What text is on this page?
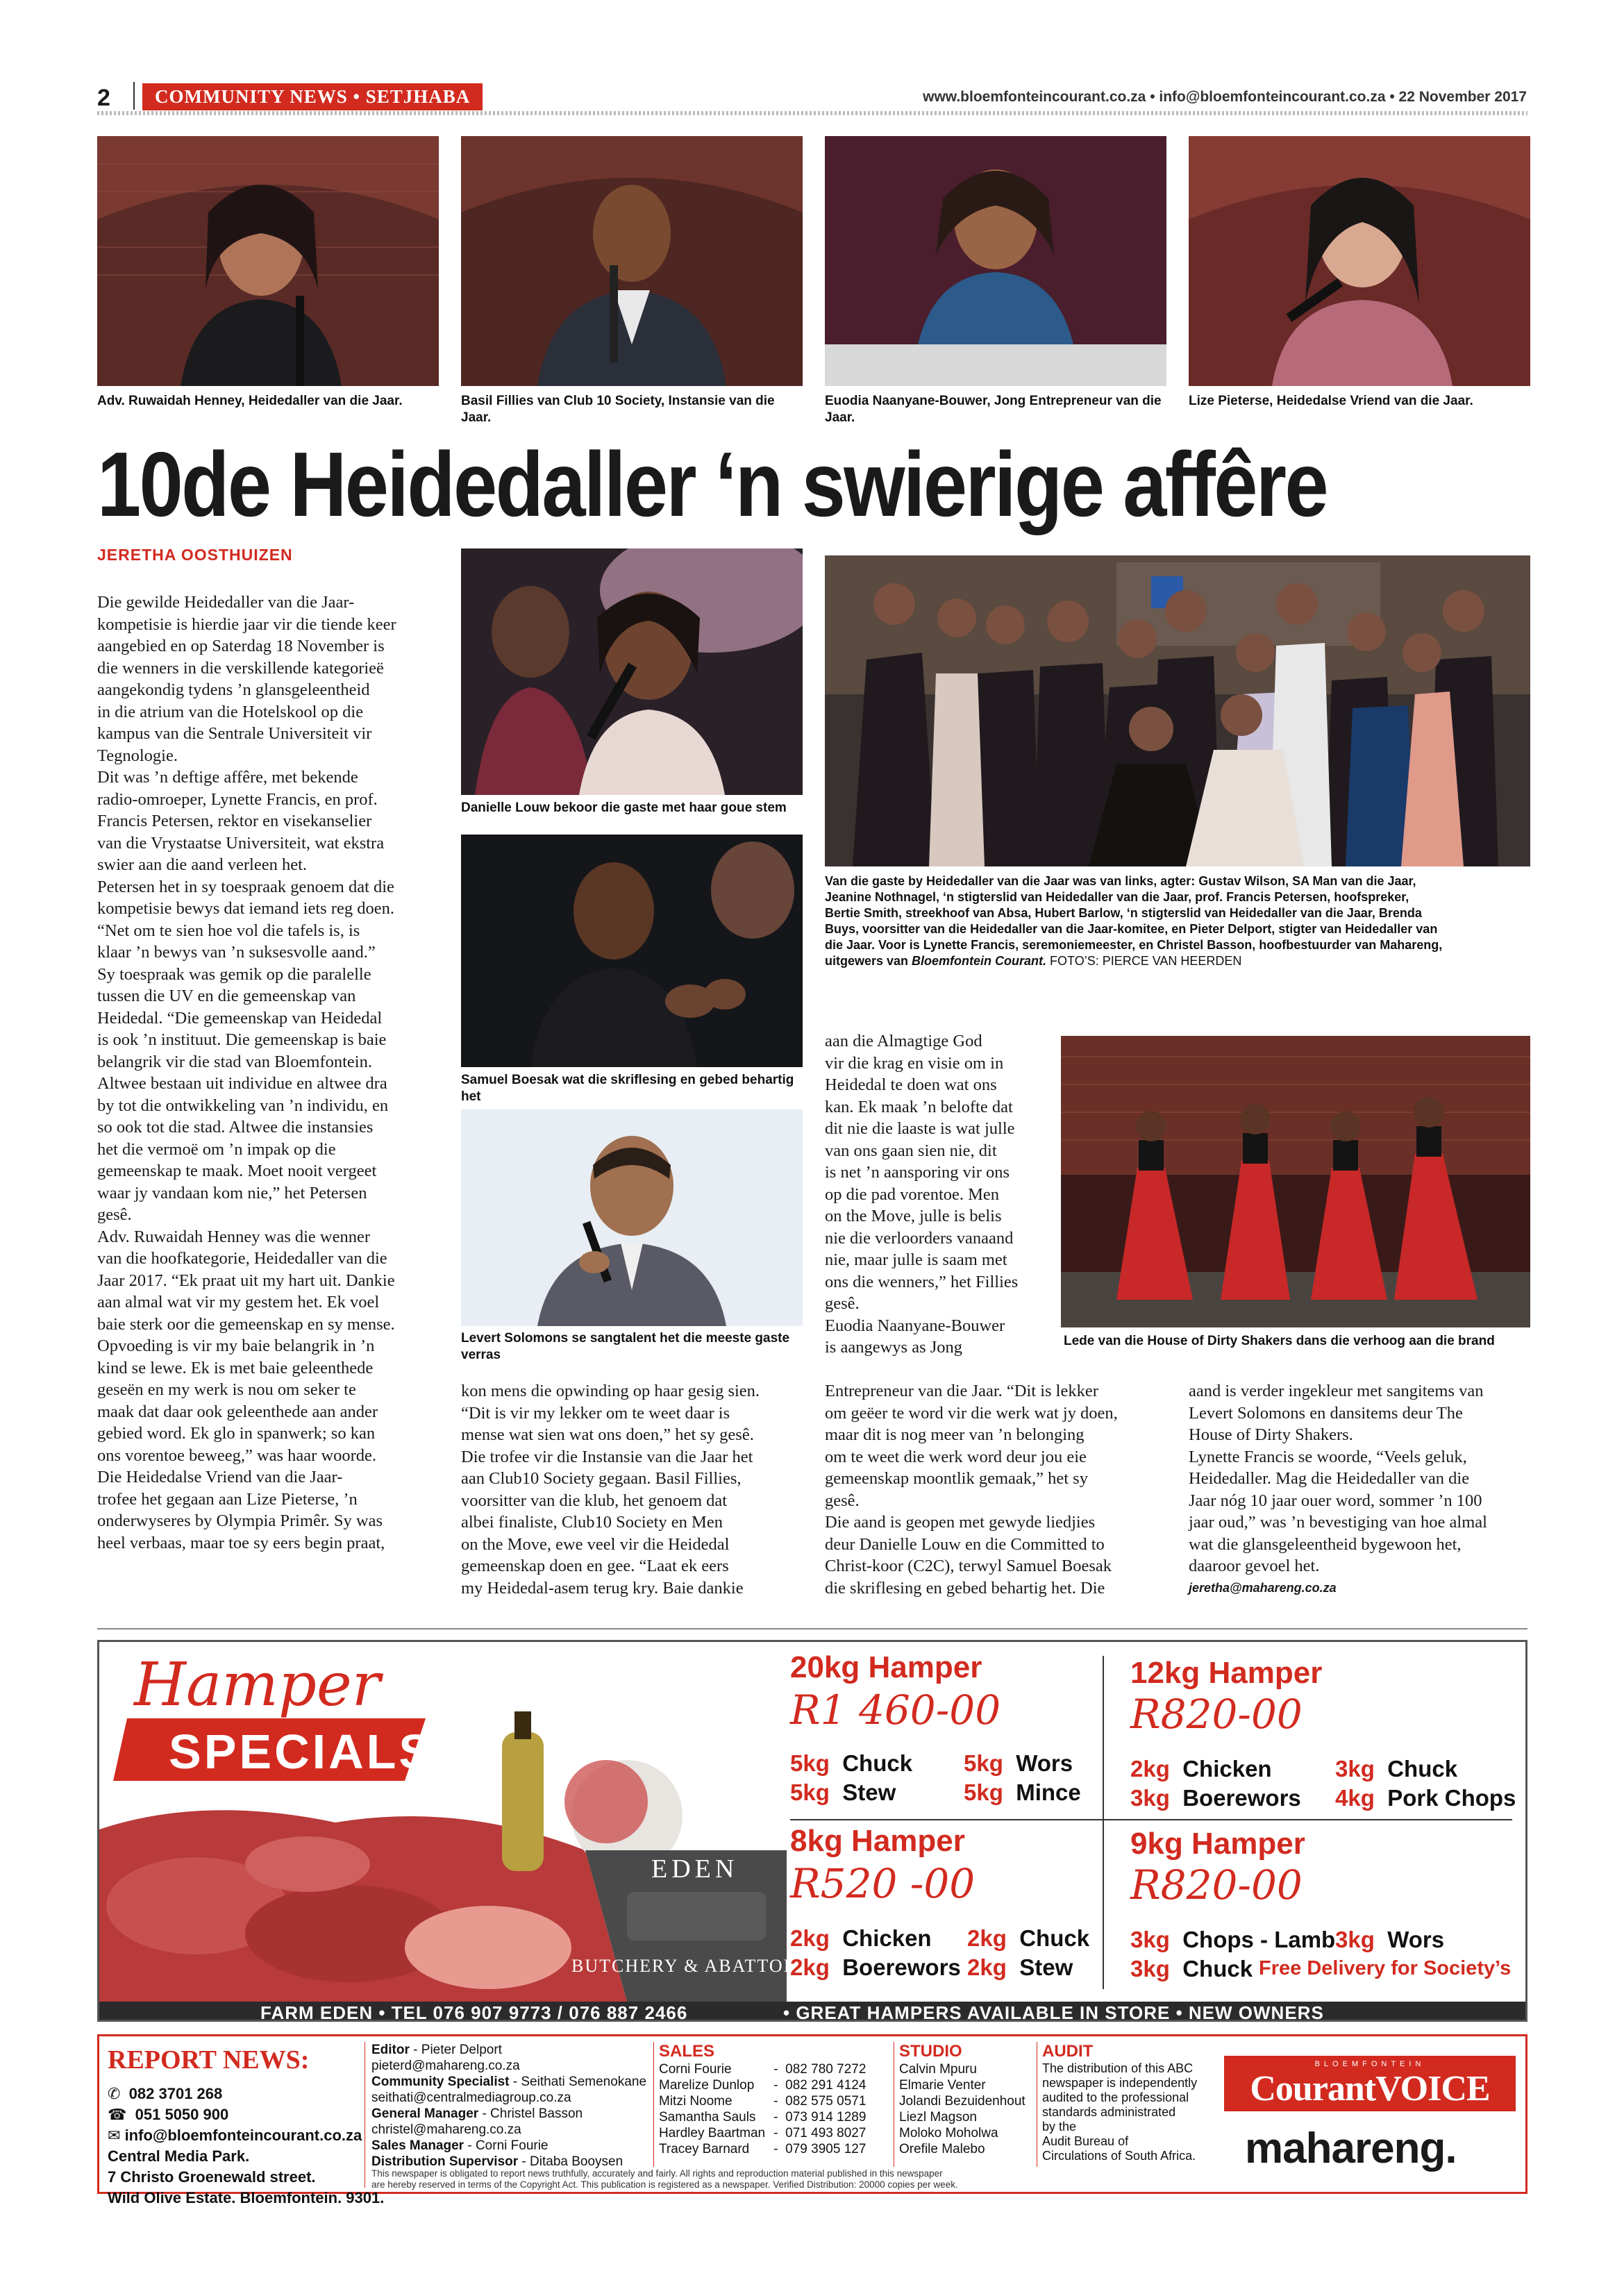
2	COMMUNITY NEWS • SETJHABA	www.bloemfonteincourant.co.za • info@bloemfonteincourant.co.za • 22 November 2017
Adv. Ruwaidah Henney, Heidedaller van die Jaar.	Basil Fillies van Club 10 Society, Instansie van die Jaar.
Euodia Naanyane-Bouwer, Jong Entrepreneur van die Jaar.
Lize Pieterse, Heidedalse Vriend van die Jaar.
10de Heidedaller ‘n swierige affêre
JERETHA OOSTHUIZEN

Die gewilde Heidedaller van die Jaar-

kompetisie is hierdie jaar vir die tiende keer

aangebied en op Saterdag 18 November is

die wenners in die verskillende kategorieë

aangekondig tydens ’n glansgeleentheid

in die atrium van die Hotelskool op die

kampus van die Sentrale Universiteit vir

Tegnologie.

Dit was ’n deftige affêre, met bekende

radio-omroeper, Lynette Francis, en prof.

Francis Petersen, rektor en visekanselier

van die Vrystaatse Universiteit, wat ekstra

swier aan die aand verleen het.

Petersen het in sy toespraak genoem dat die

kompetisie bewys dat iemand iets reg doen.

“Net om te sien hoe vol die tafels is, is

klaar ’n bewys van ’n suksesvolle aand.”

Sy toespraak was gemik op die paralelle

tussen die UV en die gemeenskap van

Heidedal. “Die gemeenskap van Heidedal

is ook ’n instituut. Die gemeenskap is baie

belangrik vir die stad van Bloemfontein.

Altwee bestaan uit individue en altwee dra

by tot die ontwikkeling van ’n individu, en

so ook tot die stad. Altwee die instansies

het die vermoë om ’n impak op die

gemeenskap te maak. Moet nooit vergeet

waar jy vandaan kom nie,” het Petersen

gesê.

Adv. Ruwaidah Henney was die wenner

van die hoofkategorie, Heidedaller van die

Jaar 2017. “Ek praat uit my hart uit. Dankie

aan almal wat vir my gestem het. Ek voel

baie sterk oor die gemeenskap en sy mense.

Opvoeding is vir my baie belangrik in ’n

kind se lewe. Ek is met baie geleenthede

geseën en my werk is nou om seker te

maak dat daar ook geleenthede aan ander

gebied word. Ek glo in spanwerk; so kan

ons vorentoe beweeg,” was haar woorde.

Die Heidedalse Vriend van die Jaar-

trofee het gegaan aan Lize Pieterse, ’n

onderwyseres by Olympia Primêr. Sy was

heel verbaas, maar toe sy eers begin praat,

Danielle Louw bekoor die gaste met haar goue stem
Samuel Boesak wat die skriflesing en gebed behartig het
Levert Solomons se sangtalent het die meeste gaste verras
Van die gaste by Heidedaller van die Jaar was van links, agter: Gustav Wilson, SA Man van die Jaar,
Jeanine Nothnagel, ‘n stigterslid van Heidedaller van die Jaar, prof. Francis Petersen, hoofspreker,
Bertie Smith, streekhoof van Absa, Hubert Barlow, ‘n stigterslid van Heidedaller van die Jaar, Brenda
Buys, voorsitter van die Heidedaller van die Jaar-komitee, en Pieter Delport, stigter van Heidedaller van
die Jaar. Voor is Lynette Francis, seremoniemeester, en Christel Basson, hoofbestuurder van Mahareng,
uitgewers van Bloemfontein Courant. FOTO’S: PIERCE VAN HEERDEN

aan die Almagtige God

vir die krag en visie om in

Heidedal te doen wat ons

kan. Ek maak ’n belofte dat

dit nie die laaste is wat julle

van ons gaan sien nie, dit

is net ’n aansporing vir ons

op die pad vorentoe. Men

on the Move, julle is belis

nie die verloorders vanaand

nie, maar julle is saam met

ons die wenners,” het Fillies

gesê.

Euodia Naanyane-Bouwer

is aangewys as Jong	Lede van die House of Dirty Shakers dans die verhoog aan die brand

kon mens die opwinding op haar gesig sien.

“Dit is vir my lekker om te weet daar is

mense wat sien wat ons doen,” het sy gesê.

Die trofee vir die Instansie van die Jaar het

aan Club10 Society gegaan. Basil Fillies,

voorsitter van die klub, het genoem dat

albei finaliste, Club10 Society en Men

on the Move, ewe veel vir die Heidedal

gemeenskap doen en gee. “Laat ek eers

my Heidedal-asem terug kry. Baie dankie

Entrepreneur van die Jaar. “Dit is lekker

om geëer te word vir die werk wat jy doen,

maar dit is nog meer van ’n belonging

om te weet die werk word deur jou eie

gemeenskap moontlik gemaak,” het sy

gesê.

Die aand is geopen met gewyde liedjies

deur Danielle Louw en die Committed to

Christ-koor (C2C), terwyl Samuel Boesak

die skriflesing en gebed behartig het. Die

aand is verder ingekleur met sangitems van

Levert Solomons en dansitems deur The

House of Dirty Shakers.

Lynette Francis se woorde, “Veels geluk,

Heidedaller. Mag die Heidedaller van die

Jaar nóg 10 jaar ouer word, sommer ’n 100

jaar oud,” was ’n bevestiging van hoe almal

wat die glansgeleentheid bygewoon het,

daaroor gevoel het.

jeretha@mahareng.co.za

Hamper
SPECIALS
EDEN
BUTCHERY & ABATTOIR
20kg Hamper
R1 460-00
5kg Chuck 5kg Wors
5kg Stew	5kg Mince
12kg Hamper
R820-00
2kg Chicken	3kg Chuck
3kg Boerewors 4kg Pork Chops
8kg Hamper
R520 -00
2kg Chicken 2kg Chuck
2kg Boerewors 2kg Stew
9kg Hamper
R820-00
3kg Chops - Lamb 3kg Wors
3kg Chuck Free Delivery for Society’s
FARM EDEN • TEL 076 907 9773 / 076 887 2466	• GREAT HAMPERS AVAILABLE IN STORE • NEW OWNERS
REPORT NEWS:
✆ 082 3701 268
☎ 051 5050 900
✉ info@bloemfonteincourant.co.za
Central Media Park.
7 Christo Groenewald street.
Wild Olive Estate. Bloemfontein. 9301.
Editor - Pieter Delport
pieterd@mahareng.co.za
Community Specialist - Seithati Semenokane
seithati@centralmediagroup.co.za
General Manager - Christel Basson
christel@mahareng.co.za
Sales Manager - Corni Fourie
Distribution Supervisor - Ditaba Booysen
SALES
Corni Fourie	-  082 780 7272
Marelize Dunlop -  082 291 4124
Mitzi Noome	-  082 575 0571
Samantha Sauls -  073 914 1289
Hardley Baartman -  071 493 8027
Tracey Barnard -  079 3905 127
STUDIO
Calvin Mpuru
Elmarie Venter
Jolandi Bezuidenhout
Liezl Magson
Moloko Moholwa
Orefile Malebo
AUDIT
The distribution of this ABC
newspaper is independently
audited to the professional
standards administrated
by the
Audit Bureau of
Circulations of South Africa.
This newspaper is obligated to report news truthfully, accurately and fairly. All rights and reproduction material published in this newspaper
are hereby reserved in terms of the Copyright Act. This publication is registered as a newspaper. Verified Distribution: 20000 copies per week.
BLOEMFONTEIN
CourantVOICE
mahareng.
